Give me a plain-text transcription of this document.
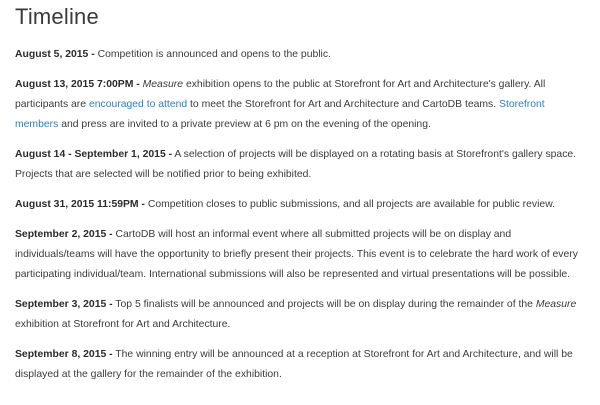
Timeline

August 5, 2015 - Competition is announced and opens to the public.

August 13, 2015 7:00PM - Measure exhibition opens to the public at Storefront for Art and Architecture's gallery. All participants are encouraged to attend to meet the Storefront for Art and Architecture and CartoDB teams. Storefront members and press are invited to a private preview at 6 pm on the evening of the opening.

August 14 - September 1, 2015 - A selection of projects will be displayed on a rotating basis at Storefront's gallery space. Projects that are selected will be notified prior to being exhibited.

August 31, 2015 11:59PM - Competition closes to public submissions, and all projects are available for public review.

September 2, 2015 - CartoDB will host an informal event where all submitted projects will be on display and individuals/teams will have the opportunity to briefly present their projects. This event is to celebrate the hard work of every participating individual/team. International submissions will also be represented and virtual presentations will be possible.

September 3, 2015 - Top 5 finalists will be announced and projects will be on display during the remainder of the Measure exhibition at Storefront for Art and Architecture.

September 8, 2015 - The winning entry will be announced at a reception at Storefront for Art and Architecture, and will be displayed at the gallery for the remainder of the exhibition.
